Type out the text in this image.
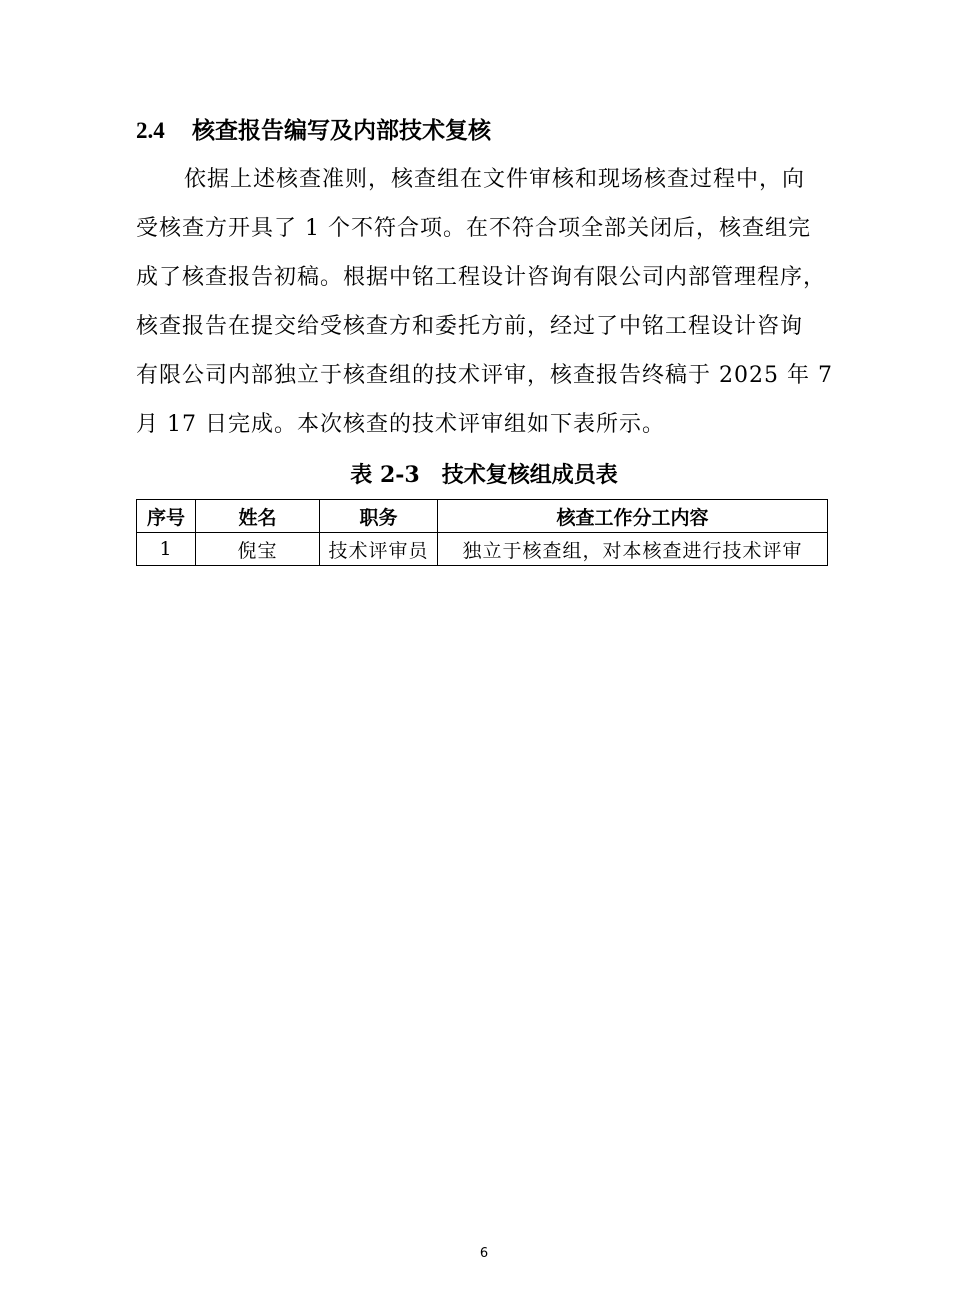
2.4 核查报告编写及内部技术复核
依据上述核查准则，核查组在文件审核和现场核查过程中，向
受核查方开具了 1 个不符合项。在不符合项全部关闭后，核查组完
成了核查报告初稿。根据中铭工程设计咨询有限公司内部管理程序，
核查报告在提交给受核查方和委托方前，经过了中铭工程设计咨询
有限公司内部独立于核查组的技术评审，核查报告终稿于 2025 年 7
月 17 日完成。本次核查的技术评审组如下表所示。
表 2-3　技术复核组成员表
序号	姓名	职务	核查工作分工内容
1	倪宝	技术评审员	独立于核查组，对本核查进行技术评审
6
